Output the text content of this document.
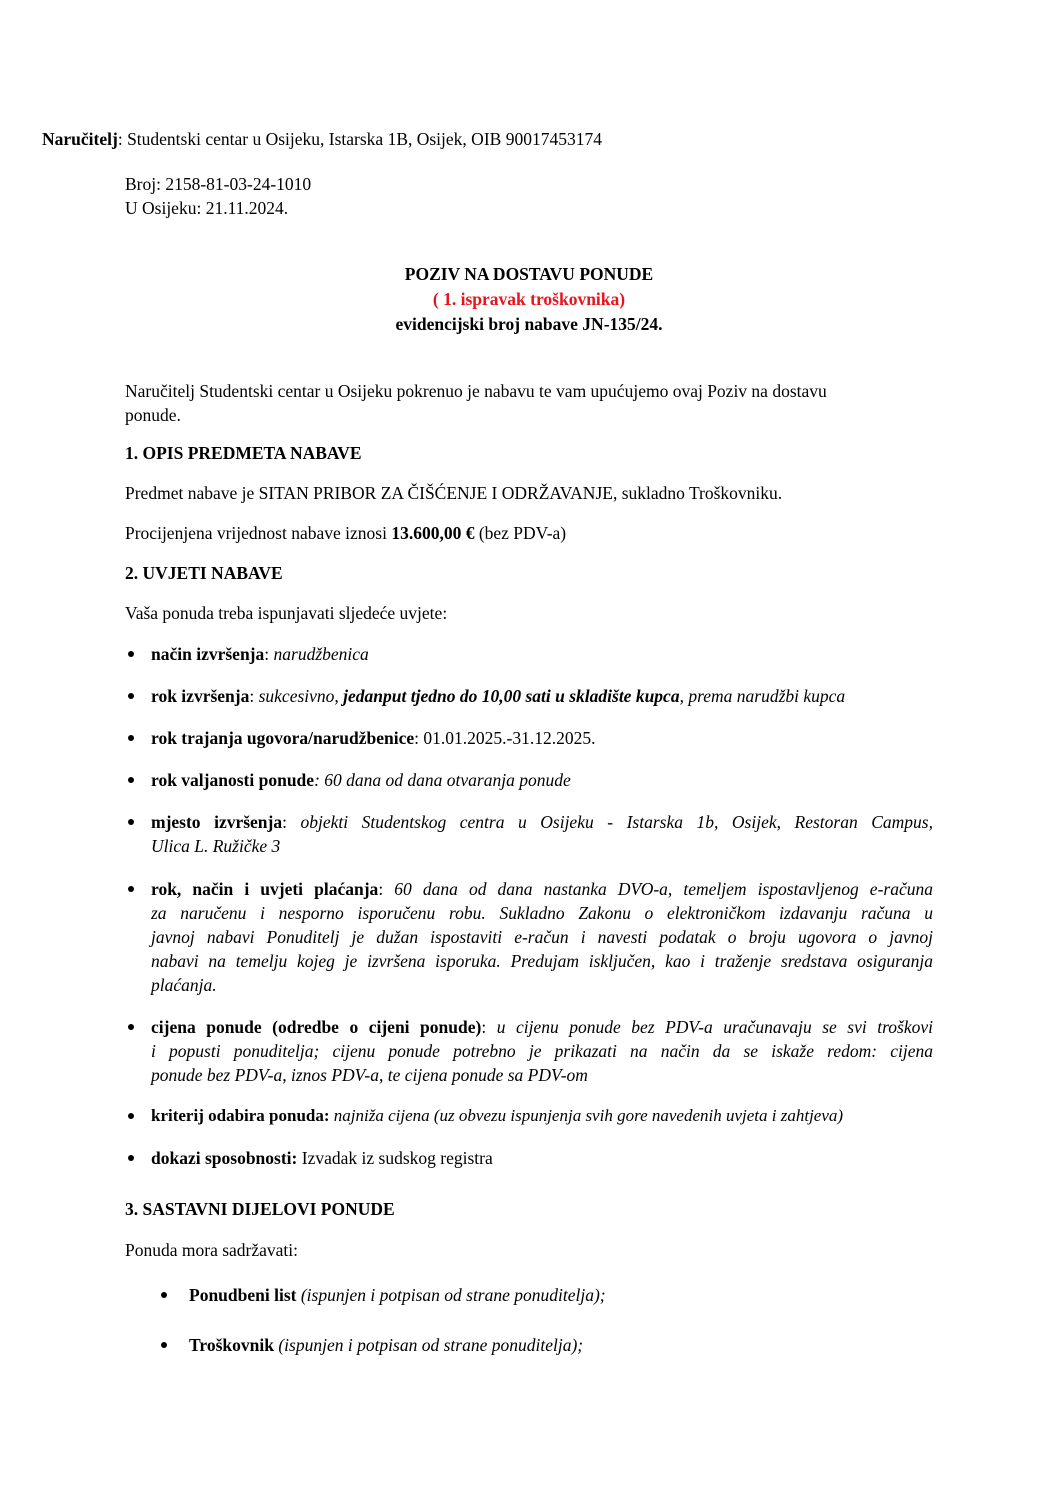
Naručitelj: Studentski centar u Osijeku, Istarska 1B, Osijek, OIB 90017453174
Broj: 2158-81-03-24-1010
U Osijeku: 21.11.2024.
POZIV NA DOSTAVU PONUDE
( 1. ispravak troškovnika)
evidencijski broj nabave JN-135/24.
Naručitelj Studentski centar u Osijeku pokrenuo je nabavu te vam upućujemo ovaj Poziv na dostavu
ponude.
1. OPIS PREDMETA NABAVE
Predmet nabave je SITAN PRIBOR ZA ČIŠĆENJE I ODRŽAVANJE, sukladno Troškovniku.
Procijenjena vrijednost nabave iznosi 13.600,00 € (bez PDV-a)
2. UVJETI NABAVE
Vaša ponuda treba ispunjavati sljedeće uvjete:
način izvršenja: narudžbenica
rok izvršenja: sukcesivno, jedanput tjedno do 10,00 sati u skladište kupca, prema narudžbi kupca
rok trajanja ugovora/narudžbenice: 01.01.2025.-31.12.2025.
rok valjanosti ponude: 60 dana od dana otvaranja ponude
mjesto izvršenja: objekti Studentskog centra u Osijeku - Istarska 1b, Osijek, Restoran Campus,
Ulica L. Ružičke 3
rok, način i uvjeti plaćanja: 60 dana od dana nastanka DVO-a, temeljem ispostavljenog e-računa
za naručenu i nesporno isporučenu robu. Sukladno Zakonu o elektroničkom izdavanju računa u
javnoj nabavi Ponuditelj je dužan ispostaviti e-račun i navesti podatak o broju ugovora o javnoj
nabavi na temelju kojeg je izvršena isporuka. Predujam isključen, kao i traženje sredstava osiguranja
plaćanja.
cijena ponude (odredbe o cijeni ponude): u cijenu ponude bez PDV-a uračunavaju se svi troškovi
i popusti ponuditelja; cijenu ponude potrebno je prikazati na način da se iskaže redom: cijena
ponude bez PDV-a, iznos PDV-a, te cijena ponude sa PDV-om
kriterij odabira ponuda: najniža cijena (uz obvezu ispunjenja svih gore navedenih uvjeta i zahtjeva)
dokazi sposobnosti: Izvadak iz sudskog registra
3. SASTAVNI DIJELOVI PONUDE
Ponuda mora sadržavati:
Ponudbeni list (ispunjen i potpisan od strane ponuditelja);
Troškovnik (ispunjen i potpisan od strane ponuditelja);
